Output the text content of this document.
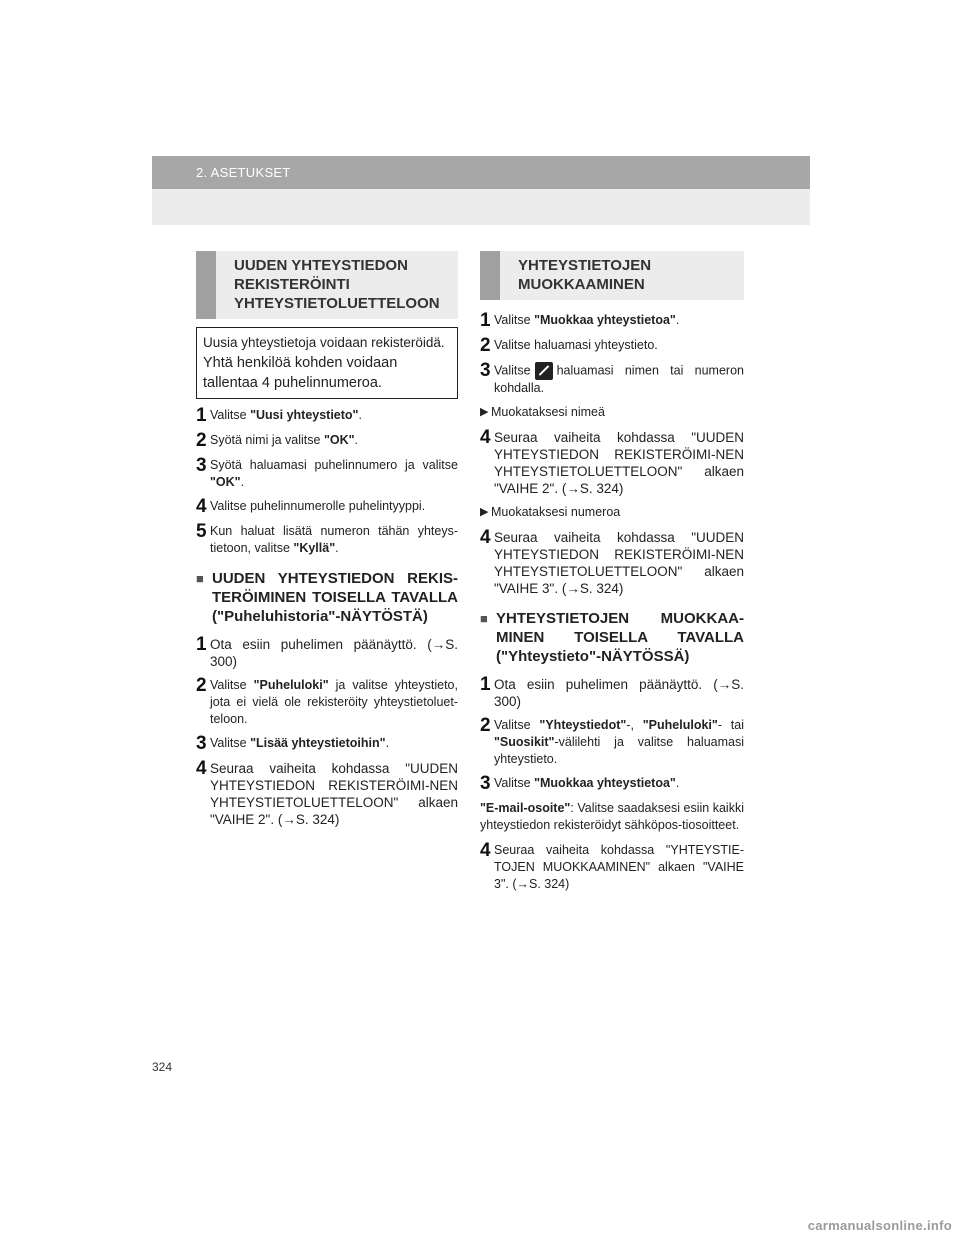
2. ASETUKSET
UUDEN YHTEYSTIEDON
REKISTERÖINTI
YHTEYSTIETOLUETTELOON

Uusia yhteystietoja voidaan rekisteröidä.

Yhtä henkilöä kohden voidaan tallentaa 4 puhelinnumeroa.

1 Valitse "Uusi yhteystieto".
2 Syötä nimi ja valitse "OK".
3 Syötä haluamasi puhelinnumero ja valitse "OK".
4 Valitse puhelinnumerolle puhelintyyppi.
5 Kun haluat lisätä numeron tähän yhteys-tietoon, valitse "Kyllä".
■ UUDEN YHTEYSTIEDON REKIS-TERÖIMINEN TOISELLA TAVALLA ("Puheluhistoria"-NÄYTÖSTÄ)
1 Ota esiin puhelimen päänäyttö. (→S. 300)
2 Valitse "Puheluloki" ja valitse yhteystieto, jota ei vielä ole rekisteröity yhteystietoluet-teloon.
3 Valitse "Lisää yhteystietoihin".
4 Seuraa vaiheita kohdassa "UUDEN YHTEYSTIEDON REKISTERÖIMI-NEN YHTEYSTIETOLUETTELOON" alkaen "VAIHE 2". (→S. 324)
YHTEYSTIETOJEN
MUOKKAAMINEN
1 Valitse "Muokkaa yhteystietoa".
2 Valitse haluamasi yhteystieto.
3 Valitse haluamasi nimen tai numeron kohdalla.
▶ Muokataksesi nimeä
4 Seuraa vaiheita kohdassa "UUDEN YHTEYSTIEDON REKISTERÖIMI-NEN YHTEYSTIETOLUETTELOON" alkaen "VAIHE 2". (→S. 324)
▶ Muokataksesi numeroa
4 Seuraa vaiheita kohdassa "UUDEN YHTEYSTIEDON REKISTERÖIMI-NEN YHTEYSTIETOLUETTELOON" alkaen "VAIHE 3". (→S. 324)
■ YHTEYSTIETOJEN MUOKKAA-MINEN TOISELLA TAVALLA ("Yhteystieto"-NÄYTÖSSÄ)
1 Ota esiin puhelimen päänäyttö. (→S. 300)
2 Valitse "Yhteystiedot"-, "Puheluloki"- tai "Suosikit"-välilehti ja valitse haluamasi yhteystieto.
3 Valitse "Muokkaa yhteystietoa".
"E-mail-osoite": Valitse saadaksesi esiin kaikki yhteystiedon rekisteröidyt sähköpos-tiosoitteet.
4 Seuraa vaiheita kohdassa "YHTEYSTIE-TOJEN MUOKKAAMINEN" alkaen "VAIHE 3". (→S. 324)
324
carmanualsonline.info
